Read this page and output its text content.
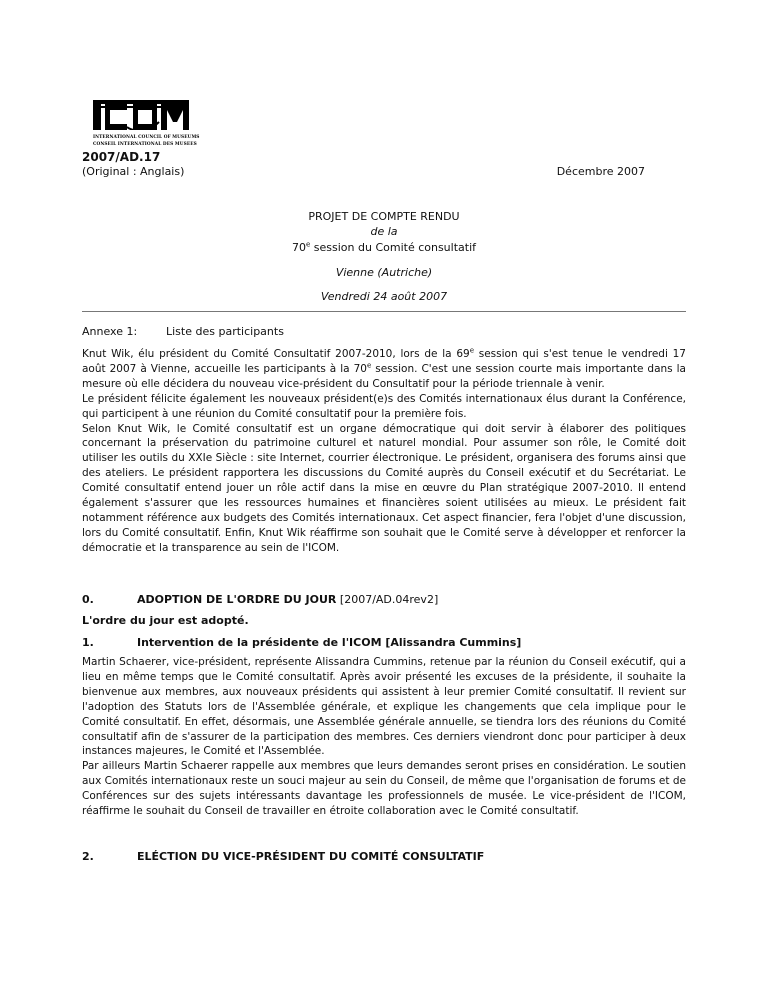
INTERNATIONAL COUNCIL OF MUSEUMS
CONSEIL INTERNATIONAL DES MUSEES
2007/AD.17
(Original : Anglais)	Décembre 2007
PROJET DE COMPTE RENDU
de la
70e session du Comité consultatif
Vienne (Autriche)
Vendredi 24 août 2007
Annexe 1:	Liste des participants
Knut Wik, élu président du Comité Consultatif 2007-2010, lors de la 69e session qui s'est tenue le vendredi 17 août 2007 à Vienne, accueille les participants à la 70e session. C'est une session courte mais importante dans la mesure où elle décidera du nouveau vice-président du Consultatif pour la période triennale à venir.
Le président félicite également les nouveaux président(e)s des Comités internationaux élus durant la Conférence, qui participent à une réunion du Comité consultatif pour la première fois.
Selon Knut Wik, le Comité consultatif est un organe démocratique qui doit servir à élaborer des politiques concernant la préservation du patrimoine culturel et naturel mondial. Pour assumer son rôle, le Comité doit utiliser les outils du XXIe Siècle : site Internet, courrier électronique. Le président, organisera des forums ainsi que des ateliers. Le président rapportera les discussions du Comité auprès du Conseil exécutif et du Secrétariat. Le Comité consultatif entend jouer un rôle actif dans la mise en œuvre du Plan stratégique 2007-2010. Il entend également s'assurer que les ressources humaines et financières soient utilisées au mieux. Le président fait notamment référence aux budgets des Comités internationaux. Cet aspect financier, fera l'objet d'une discussion, lors du Comité consultatif. Enfin, Knut Wik réaffirme son souhait que le Comité serve à développer et renforcer la démocratie et la transparence au sein de l'ICOM.
0.	ADOPTION DE L'ORDRE DU JOUR [2007/AD.04rev2]
L'ordre du jour est adopté.
1.	Intervention de la présidente de l'ICOM [Alissandra Cummins]
Martin Schaerer, vice-président, représente Alissandra Cummins, retenue par la réunion du Conseil exécutif, qui a lieu en même temps que le Comité consultatif. Après avoir présenté les excuses de la présidente, il souhaite la bienvenue aux membres, aux nouveaux présidents qui assistent à leur premier Comité consultatif. Il revient sur l'adoption des Statuts lors de l'Assemblée générale, et explique les changements que cela implique pour le Comité consultatif. En effet, désormais, une Assemblée générale annuelle, se tiendra lors des réunions du Comité consultatif afin de s'assurer de la participation des membres. Ces derniers viendront donc pour participer à deux instances majeures, le Comité et l'Assemblée.
Par ailleurs Martin Schaerer rappelle aux membres que leurs demandes seront prises en considération. Le soutien aux Comités internationaux reste un souci majeur au sein du Conseil, de même que l'organisation de forums et de Conférences sur des sujets intéressants davantage les professionnels de musée. Le vice-président de l'ICOM, réaffirme le souhait du Conseil de travailler en étroite collaboration avec le Comité consultatif.
2.	ELÉCTION DU VICE-PRÉSIDENT DU COMITÉ CONSULTATIF
